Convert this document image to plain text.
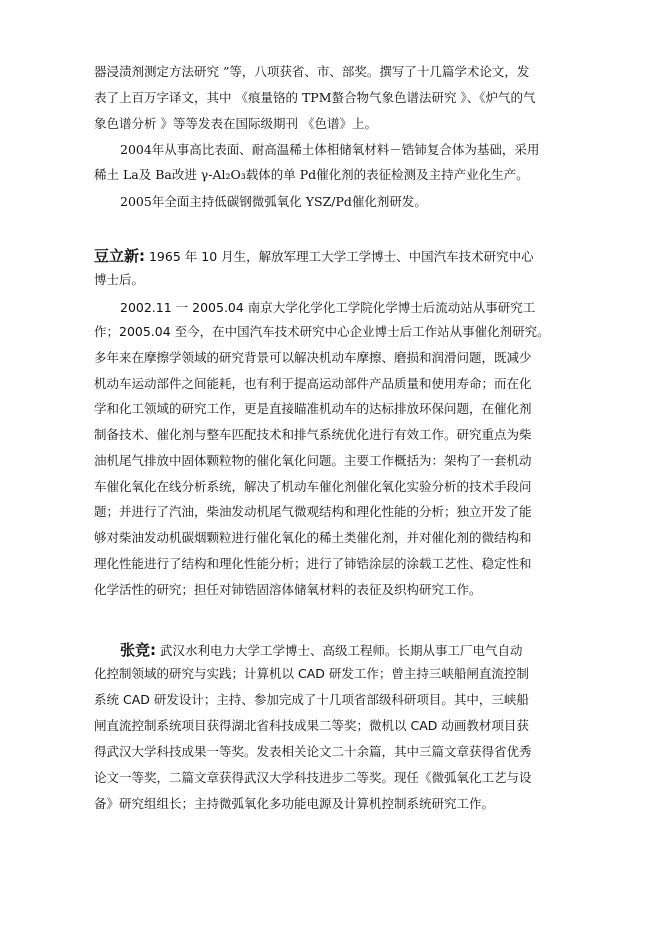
器浸渍剂测定方法研究 ”等，八项获省、市、部奖。撰写了十几篇学术论文，发
表了上百万字译文，其中 《痕量铬的 TPM螯合物气象色谱法研究 》、《炉气的气
象色谱分析 》等等发表在国际级期刊 《色谱》上。
2004年从事高比表面、耐高温稀土体相储氧材料－锆铈复合体为基础，采用
稀土 La及 Ba改进 γ-Al₂O₃载体的单 Pd催化剂的表征检测及主持产业化生产。
2005年全面主持低碳钢微弧氧化 YSZ/Pd催化剂研发。
豆立新: 1965 年 10 月生，解放军理工大学工学博士、中国汽车技术研究中心
博士后。
2002.11 一 2005.04 南京大学化学化工学院化学博士后流动站从事研究工
作；2005.04 至今，在中国汽车技术研究中心企业博士后工作站从事催化剂研究。
多年来在摩擦学领域的研究背景可以解决机动车摩擦、磨损和润滑问题，既减少
机动车运动部件之间能耗，也有利于提高运动部件产品质量和使用寿命；而在化
学和化工领域的研究工作，更是直接瞄准机动车的达标排放环保问题，在催化剂
制备技术、催化剂与整车匹配技术和排气系统优化进行有效工作。研究重点为柴
油机尾气排放中固体颗粒物的催化氧化问题。主要工作概括为：架构了一套机动
车催化氧化在线分析系统，解决了机动车催化剂催化氧化实验分析的技术手段问
题；并进行了汽油，柴油发动机尾气微观结构和理化性能的分析；独立开发了能
够对柴油发动机碳烟颗粒进行催化氧化的稀土类催化剂，并对催化剂的微结构和
理化性能进行了结构和理化性能分析；进行了铈锆涂层的涂载工艺性、稳定性和
化学活性的研究；担任对铈锆固溶体储氧材料的表征及织构研究工作。
张竞: 武汉水利电力大学工学博士、高级工程师。长期从事工厂电气自动
化控制领域的研究与实践；计算机以 CAD 研发工作；曾主持三峡船闸直流控制
系统 CAD 研发设计；主持、参加完成了十几项省部级科研项目。其中，三峡船
闸直流控制系统项目获得湖北省科技成果二等奖；微机以 CAD 动画教材项目获
得武汉大学科技成果一等奖。发表相关论文二十余篇，其中三篇文章获得省优秀
论文一等奖，二篇文章获得武汉大学科技进步二等奖。现任《微弧氧化工艺与设
备》研究组组长；主持微弧氧化多功能电源及计算机控制系统研究工作。
